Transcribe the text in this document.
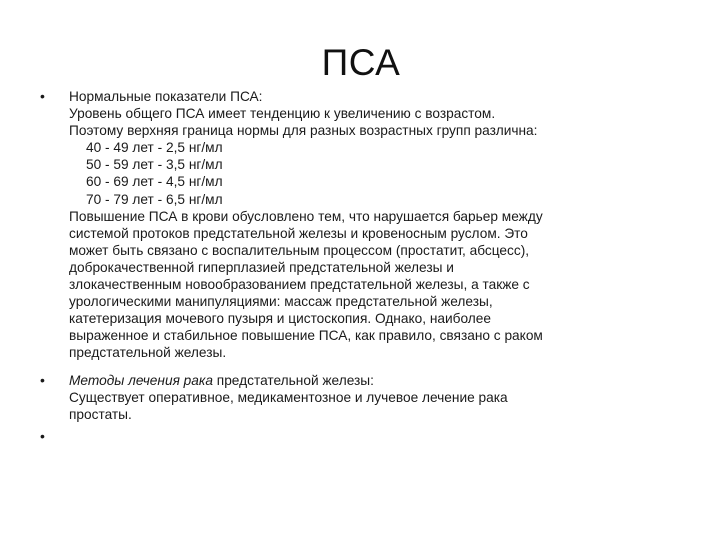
ПСА
• Нормальные показатели ПСА:
Уровень общего ПСА имеет тенденцию к увеличению с возрастом.
Поэтому верхняя граница нормы для разных возрастных групп различна:
40 - 49 лет - 2,5 нг/мл
50 - 59 лет - 3,5 нг/мл
60 - 69 лет - 4,5 нг/мл
70 - 79 лет - 6,5 нг/мл
Повышение ПСА в крови обусловлено тем, что нарушается барьер между
системой протоков предстательной железы и кровеносным руслом. Это
может быть связано с воспалительным процессом (простатит, абсцесс),
доброкачественной гиперплазией предстательной железы и
злокачественным новообразованием предстательной железы, а также с
урологическими манипуляциями: массаж предстательной железы,
катетеризация мочевого пузыря и цистоскопия. Однако, наиболее
выраженное и стабильное повышение ПСА, как правило, связано с раком
предстательной железы.
• Методы лечения рака предстательной железы:
Существует оперативное, медикаментозное и лучевое лечение рака
простаты.
•
